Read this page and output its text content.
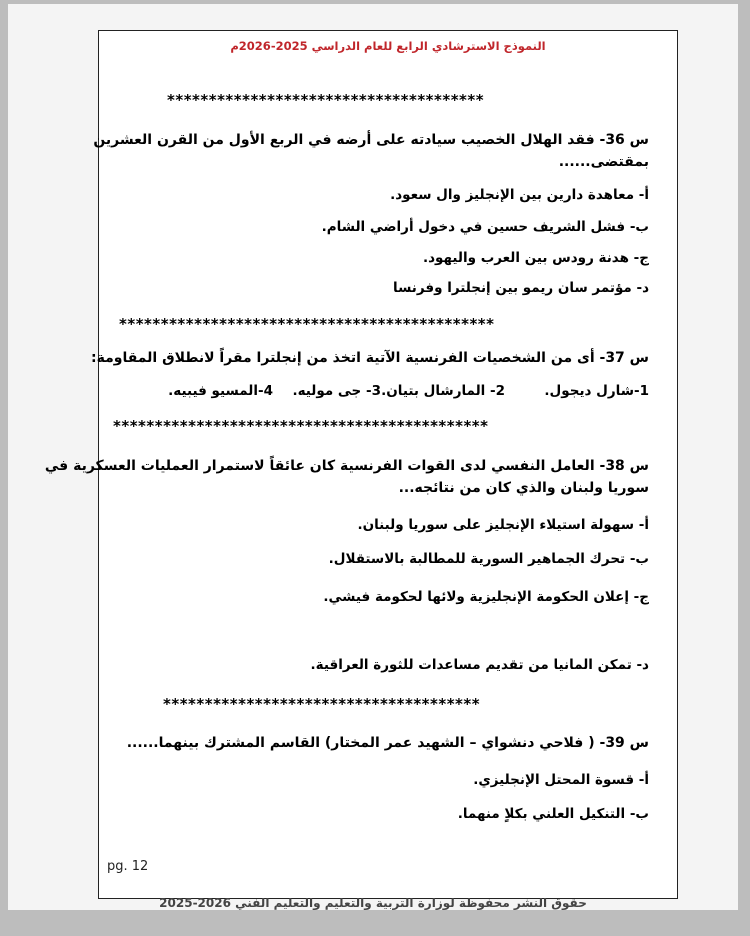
النموذج الاسترشادي الرابع للعام الدراسي 2025-2026م
**************************************
س 36- فقد الهلال الخصيب سيادته على أرضه في الربع الأول من القرن العشرين
بمقتضى......
أ- معاهدة دارين بين الإنجليز وال سعود.
ب- فشل الشريف حسين في دخول أراضي الشام.
ج- هدنة رودس بين العرب واليهود.
د- مؤتمر سان ريمو بين إنجلترا وفرنسا
*********************************************
س 37- أى من الشخصيات الفرنسية الآتية اتخذ من إنجلترا مقراً لانطلاق المقاومة:
1-شارل ديجول.
2- المارشال بتيان.
3- جى موليه.
4-المسيو فيبيه.
*********************************************
س 38- العامل النفسي لدى القوات الفرنسية كان عائقاً لاستمرار العمليات العسكرية في
سوريا ولبنان والذي كان من نتائجه...
أ- سهولة استيلاء الإنجليز على سوريا ولبنان.
ب- تحرك الجماهير السورية للمطالبة بالاستقلال.
ج- إعلان الحكومة الإنجليزية ولائها لحكومة فيشي.
د- تمكن المانيا من تقديم مساعدات للثورة العراقية.
**************************************
س 39- ( فلاحي دنشواي – الشهيد عمر المختار) القاسم المشترك بينهما......
أ- قسوة المحتل الإنجليزي.
ب- التنكيل العلني بكلاٍ منهما.
pg. 12
حقوق النشر محفوظة لوزارة التربية والتعليم والتعليم الفني 2026-2025
